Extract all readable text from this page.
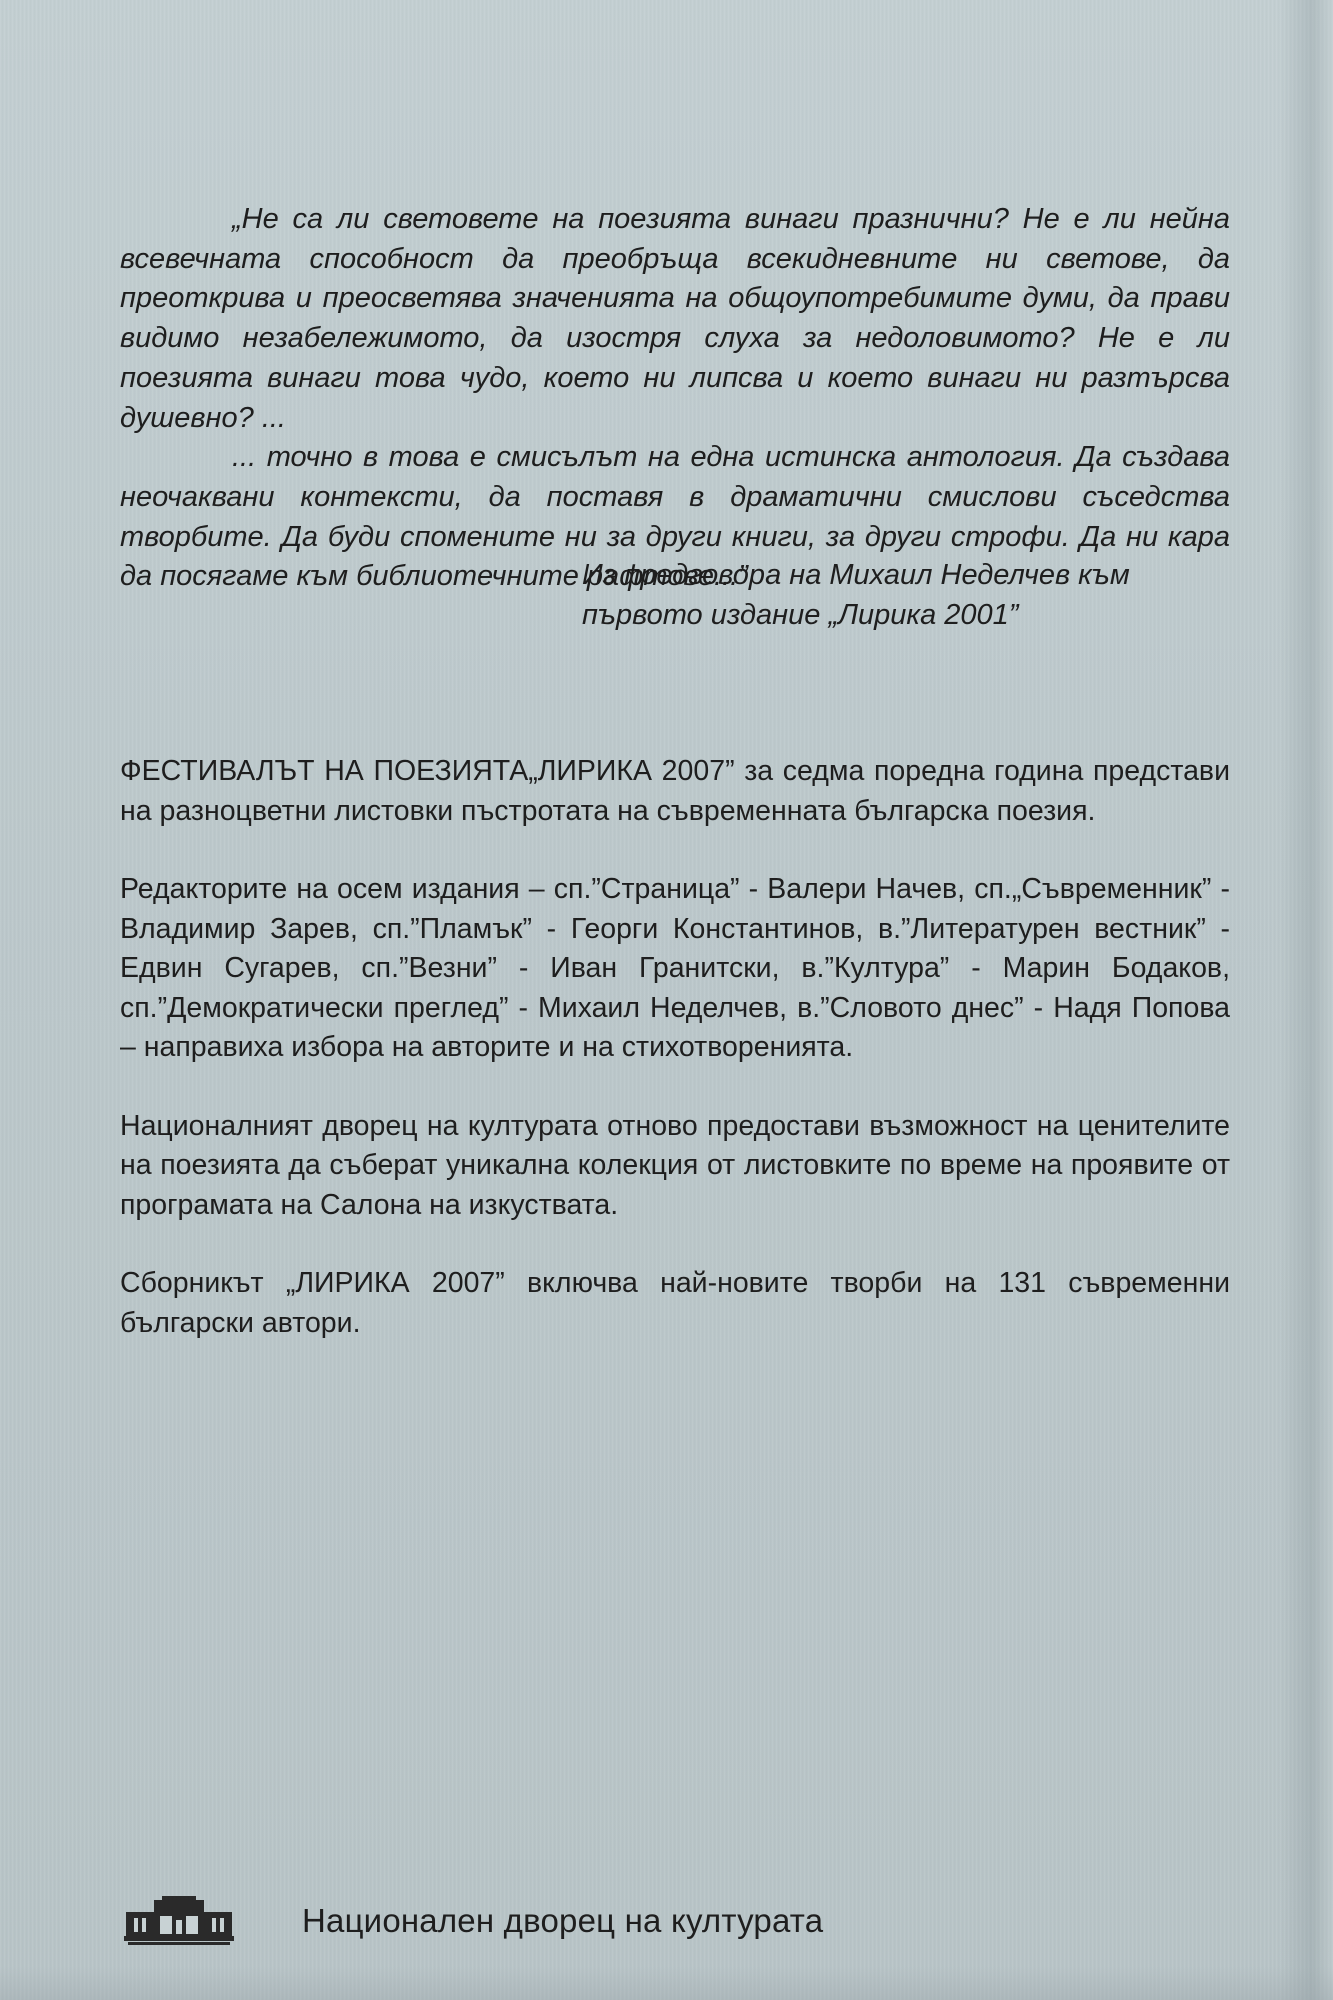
„Не са ли световете на поезията винаги празнични? Не е ли нейна всевечната способност да преобръща всекидневните ни светове, да преоткрива и преосветява значенията на общоупотребимите думи, да прави видимо незабележимото, да изостря слуха за недоловимото? Не е ли поезията винаги това чудо, което ни липсва и което винаги ни разтърсва душевно? ...

... точно в това е смисълът на една истинска антология. Да създава неочаквани контексти, да поставя в драматични смислови съседства творбите. Да буди спомените ни за други книги, за други строфи. Да ни кара да посягаме към библиотечните рафтове...”

Из предговора на Михаил Неделчев към
първото издание „Лирика 2001”

ФЕСТИВАЛЪТ НА ПОЕЗИЯТА„ЛИРИКА 2007” за седма поредна година представи на разноцветни листовки пъстротата на съвременната българска поезия.

Редакторите на осем издания – сп.”Страница” - Валери Начев, сп.„Съвременник” - Владимир Зарев, сп.”Пламък” - Георги Константинов, в.”Литературен вестник” - Едвин Сугарев, сп.”Везни” - Иван Гранитски, в.”Култура” - Марин Бодаков, сп.”Демократически преглед” - Михаил Неделчев, в.”Словото днес” - Надя Попова – направиха избора на авторите и на стихотворенията.

Националният дворец на културата отново предостави възможност на ценителите на поезията да съберат уникална колекция от листовките по време на проявите от програмата на Салона на изкуствата.

Сборникът „ЛИРИКА 2007” включва най-новите творби на 131 съвременни български автори.

Национален дворец на културата
